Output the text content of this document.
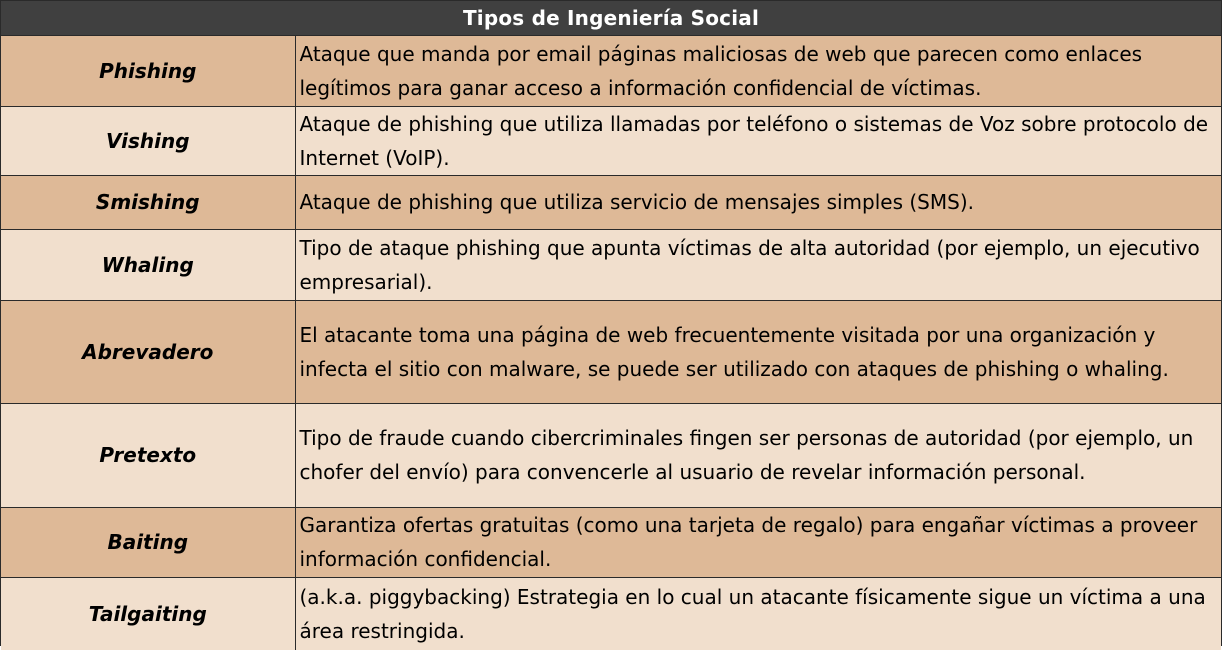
Tipos de Ingeniería Social
Phishing	Ataque que manda por email páginas maliciosas de web que parecen como enlaces legítimos para ganar acceso a información confidencial de víctimas.
Vishing	Ataque de phishing que utiliza llamadas por teléfono o sistemas de Voz sobre protocolo de Internet (VoIP).
Smishing	Ataque de phishing que utiliza servicio de mensajes simples (SMS).
Whaling	Tipo de ataque phishing que apunta víctimas de alta autoridad (por ejemplo, un ejecutivo empresarial).
Abrevadero	El atacante toma una página de web frecuentemente visitada por una organización y infecta el sitio con malware, se puede ser utilizado con ataques de phishing o whaling.
Pretexto	Tipo de fraude cuando cibercriminales fingen ser personas de autoridad (por ejemplo, un chofer del envío) para convencerle al usuario de revelar información personal.
Baiting	Garantiza ofertas gratuitas (como una tarjeta de regalo) para engañar víctimas a proveer información confidencial.
Tailgaiting	(a.k.a. piggybacking) Estrategia en lo cual un atacante físicamente sigue un víctima a una área restringida.
